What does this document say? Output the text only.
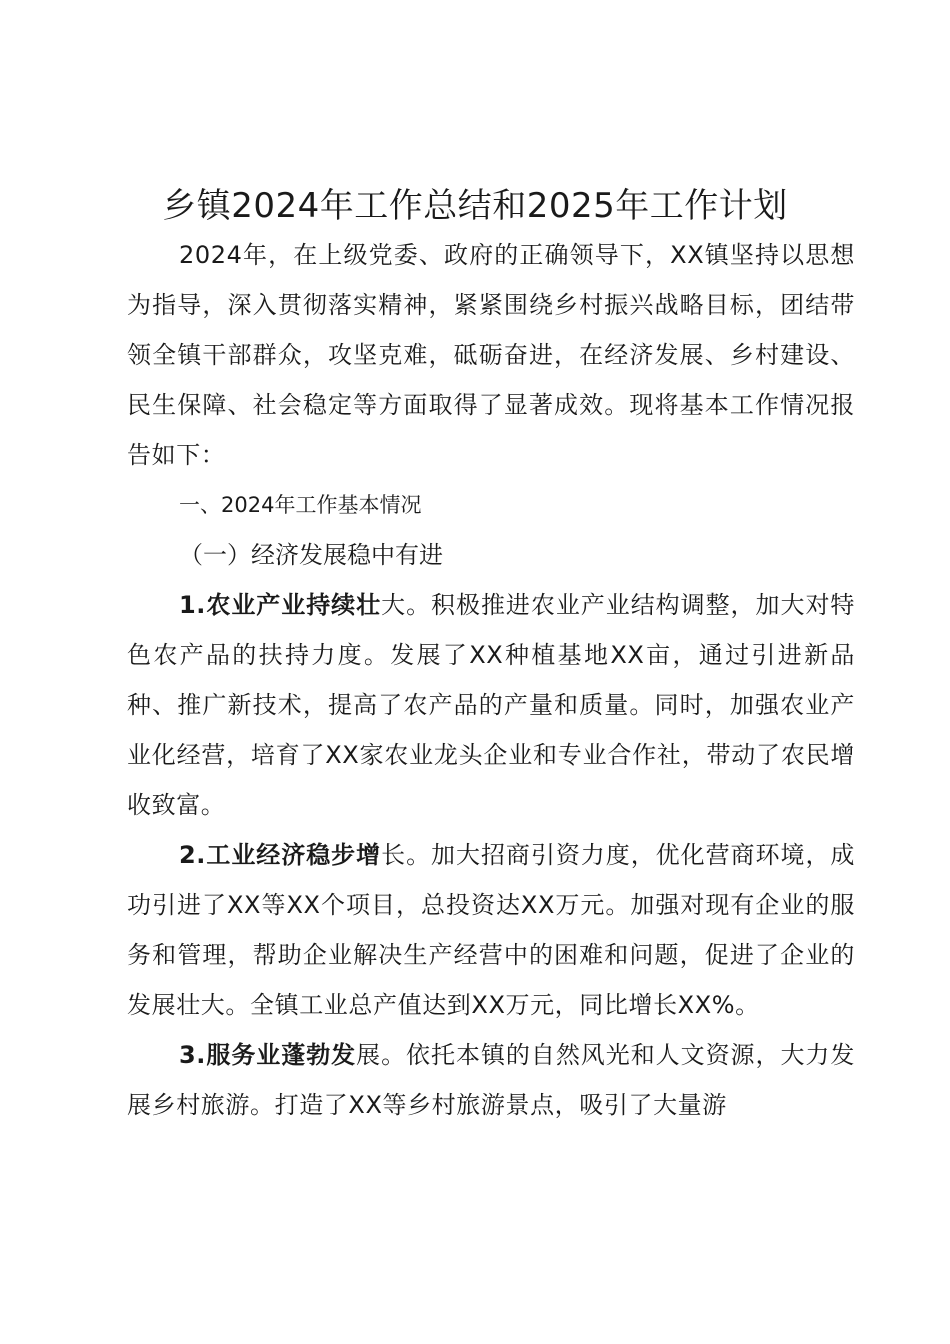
乡镇2024年工作总结和2025年工作计划

2024年，在上级党委、政府的正确领导下，XX镇坚持以思想为指导，深入贯彻落实精神，紧紧围绕乡村振兴战略目标，团结带领全镇干部群众，攻坚克难，砥砺奋进，在经济发展、乡村建设、民生保障、社会稳定等方面取得了显著成效。现将基本工作情况报告如下：

一、2024年工作基本情况

（一）经济发展稳中有进

1.农业产业持续壮大。积极推进农业产业结构调整，加大对特色农产品的扶持力度。发展了XX种植基地XX亩，通过引进新品种、推广新技术，提高了农产品的产量和质量。同时，加强农业产业化经营，培育了XX家农业龙头企业和专业合作社，带动了农民增收致富。

2.工业经济稳步增长。加大招商引资力度，优化营商环境，成功引进了XX等XX个项目，总投资达XX万元。加强对现有企业的服务和管理，帮助企业解决生产经营中的困难和问题，促进了企业的发展壮大。全镇工业总产值达到XX万元，同比增长XX%。

3.服务业蓬勃发展。依托本镇的自然风光和人文资源，大力发展乡村旅游。打造了XX等乡村旅游景点，吸引了大量游
